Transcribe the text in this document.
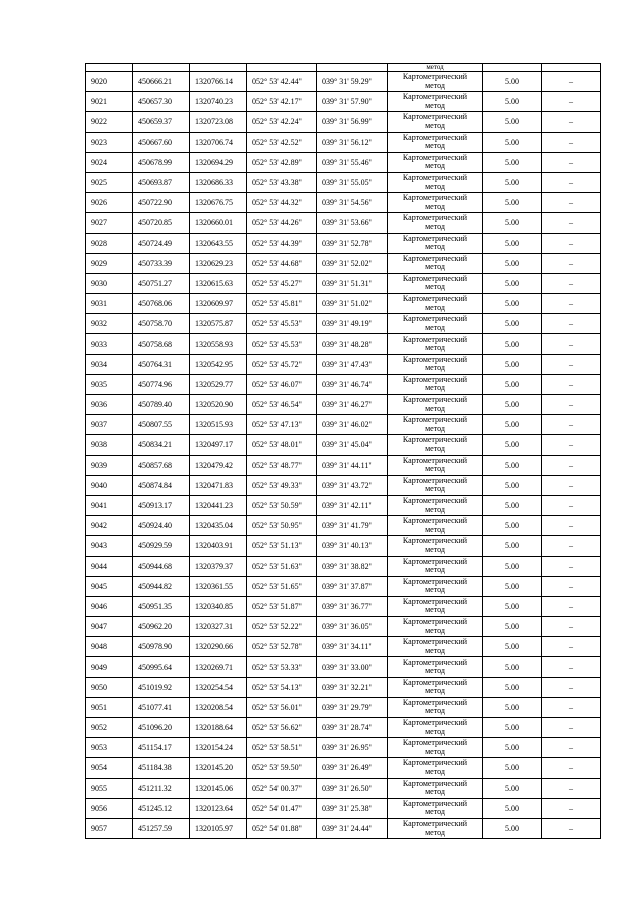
					метод		
9020	450666.21	1320766.14	052° 53' 42.44"	039° 31' 59.29"	Картометрический
метод	5.00	–
9021	450657.30	1320740.23	052° 53' 42.17"	039° 31' 57.90"	Картометрический
метод	5.00	–
9022	450659.37	1320723.08	052° 53' 42.24"	039° 31' 56.99"	Картометрический
метод	5.00	–
9023	450667.60	1320706.74	052° 53' 42.52"	039° 31' 56.12"	Картометрический
метод	5.00	–
9024	450678.99	1320694.29	052° 53' 42.89"	039° 31' 55.46"	Картометрический
метод	5.00	–
9025	450693.87	1320686.33	052° 53' 43.38"	039° 31' 55.05"	Картометрический
метод	5.00	–
9026	450722.90	1320676.75	052° 53' 44.32"	039° 31' 54.56"	Картометрический
метод	5.00	–
9027	450720.85	1320660.01	052° 53' 44.26"	039° 31' 53.66"	Картометрический
метод	5.00	–
9028	450724.49	1320643.55	052° 53' 44.39"	039° 31' 52.78"	Картометрический
метод	5.00	–
9029	450733.39	1320629.23	052° 53' 44.68"	039° 31' 52.02"	Картометрический
метод	5.00	–
9030	450751.27	1320615.63	052° 53' 45.27"	039° 31' 51.31"	Картометрический
метод	5.00	–
9031	450768.06	1320609.97	052° 53' 45.81"	039° 31' 51.02"	Картометрический
метод	5.00	–
9032	450758.70	1320575.87	052° 53' 45.53"	039° 31' 49.19"	Картометрический
метод	5.00	–
9033	450758.68	1320558.93	052° 53' 45.53"	039° 31' 48.28"	Картометрический
метод	5.00	–
9034	450764.31	1320542.95	052° 53' 45.72"	039° 31' 47.43"	Картометрический
метод	5.00	–
9035	450774.96	1320529.77	052° 53' 46.07"	039° 31' 46.74"	Картометрический
метод	5.00	–
9036	450789.40	1320520.90	052° 53' 46.54"	039° 31' 46.27"	Картометрический
метод	5.00	–
9037	450807.55	1320515.93	052° 53' 47.13"	039° 31' 46.02"	Картометрический
метод	5.00	–
9038	450834.21	1320497.17	052° 53' 48.01"	039° 31' 45.04"	Картометрический
метод	5.00	–
9039	450857.68	1320479.42	052° 53' 48.77"	039° 31' 44.11"	Картометрический
метод	5.00	–
9040	450874.84	1320471.83	052° 53' 49.33"	039° 31' 43.72"	Картометрический
метод	5.00	–
9041	450913.17	1320441.23	052° 53' 50.59"	039° 31' 42.11"	Картометрический
метод	5.00	–
9042	450924.40	1320435.04	052° 53' 50.95"	039° 31' 41.79"	Картометрический
метод	5.00	–
9043	450929.59	1320403.91	052° 53' 51.13"	039° 31' 40.13"	Картометрический
метод	5.00	–
9044	450944.68	1320379.37	052° 53' 51.63"	039° 31' 38.82"	Картометрический
метод	5.00	–
9045	450944.82	1320361.55	052° 53' 51.65"	039° 31' 37.87"	Картометрический
метод	5.00	–
9046	450951.35	1320340.85	052° 53' 51.87"	039° 31' 36.77"	Картометрический
метод	5.00	–
9047	450962.20	1320327.31	052° 53' 52.22"	039° 31' 36.05"	Картометрический
метод	5.00	–
9048	450978.90	1320290.66	052° 53' 52.78"	039° 31' 34.11"	Картометрический
метод	5.00	–
9049	450995.64	1320269.71	052° 53' 53.33"	039° 31' 33.00"	Картометрический
метод	5.00	–
9050	451019.92	1320254.54	052° 53' 54.13"	039° 31' 32.21"	Картометрический
метод	5.00	–
9051	451077.41	1320208.54	052° 53' 56.01"	039° 31' 29.79"	Картометрический
метод	5.00	–
9052	451096.20	1320188.64	052° 53' 56.62"	039° 31' 28.74"	Картометрический
метод	5.00	–
9053	451154.17	1320154.24	052° 53' 58.51"	039° 31' 26.95"	Картометрический
метод	5.00	–
9054	451184.38	1320145.20	052° 53' 59.50"	039° 31' 26.49"	Картометрический
метод	5.00	–
9055	451211.32	1320145.06	052° 54' 00.37"	039° 31' 26.50"	Картометрический
метод	5.00	–
9056	451245.12	1320123.64	052° 54' 01.47"	039° 31' 25.38"	Картометрический
метод	5.00	–
9057	451257.59	1320105.97	052° 54' 01.88"	039° 31' 24.44"	Картометрический
метод	5.00	–
